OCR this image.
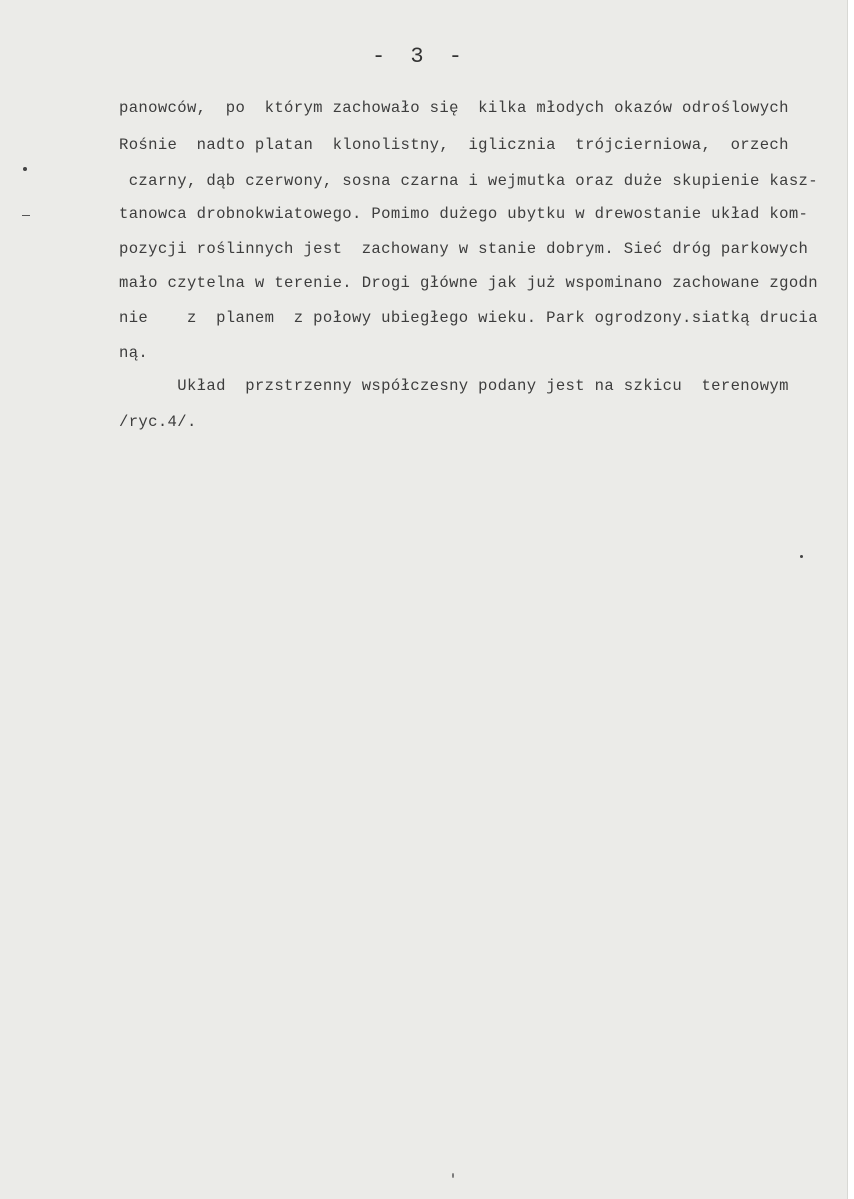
- 3 -
panowców,  po  którym zachowało się  kilka młodych okazów odroślowych
Rośnie  nadto platan  klonolistny,  iglicznia  trójcierniowa,  orzech
czarny, dąb czerwony, sosna czarna i wejmutka oraz duże skupienie kasz-
tanowca drobnokwiatowego. Pomimo dużego ubytku w drewostanie układ kom-
pozycji roślinnych jest  zachowany w stanie dobrym. Sieć dróg parkowych
mało czytelna w terenie. Drogi główne jak już wspominano zachowane zgodn
nie    z  planem  z połowy ubiegłego wieku. Park ogrodzony.siatką drucia
ną.
Układ  przstrzenny współczesny podany jest na szkicu  terenowym
/ryc.4/.
